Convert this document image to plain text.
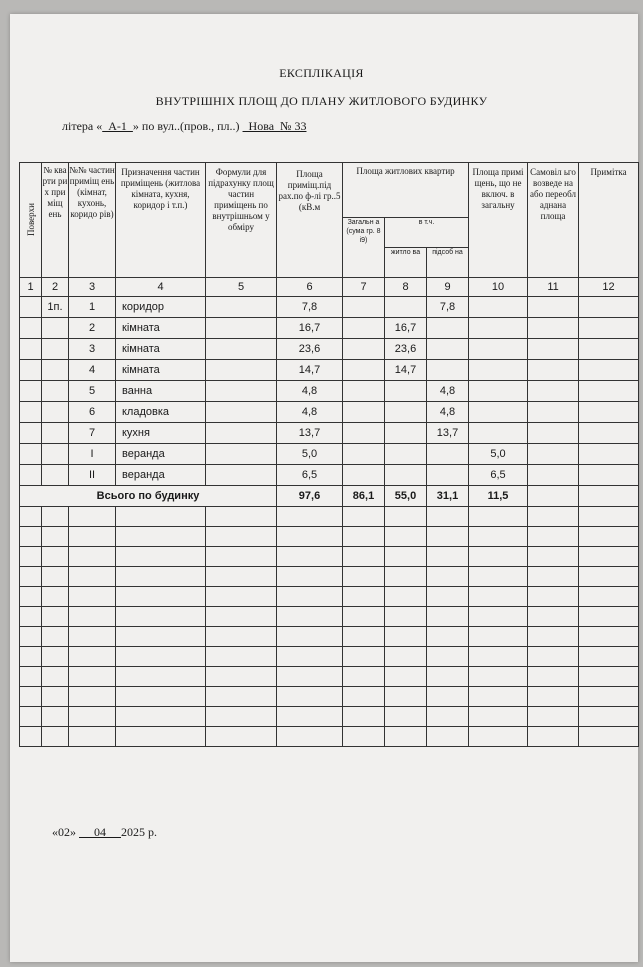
ЕКСПЛІКАЦІЯ
ВНУТРІШНІХ ПЛОЩ ДО ПЛАНУ ЖИТЛОВОГО БУДИНКУ
літера «  А-1  » по вул..(пров., пл..)   Нова  № 33
Поверхи	№ ква рти ри х при міщ ень	№№ частин приміщ ень (кімнат, кухонь, коридо рів)	Призначення частин приміщень (житлова кімната, кухня, коридор і т.п.)	Формули для підрахунку площ частин приміщень по внутрішньом у обміру	Площа приміщ.під рах.по ф-лі гр..5 (кВ.м	Площа житлових квартир			Площа примі щень, що не включ. в загальну	Самовіл ьго возведе на або переобл аднана площа	Примітка
						Загальн а (сума гр. 8 і9)	в т.ч.				
							житло ва	підсоб на			
1	2	3	4	5	6	7	8	9	10	11	12
	1п.	1	коридор		7,8			7,8			
		2	кімната		16,7		16,7				
		3	кімната		23,6		23,6				
		4	кімната		14,7		14,7				
		5	ванна		4,8			4,8			
		6	кладовка		4,8			4,8			
		7	кухня		13,7			13,7			
		I	веранда		5,0				5,0		
		II	веранда		6,5				6,5		
Всього по будинку					97,6	86,1	55,0	31,1	11,5		

«02» 04 2025 р.
